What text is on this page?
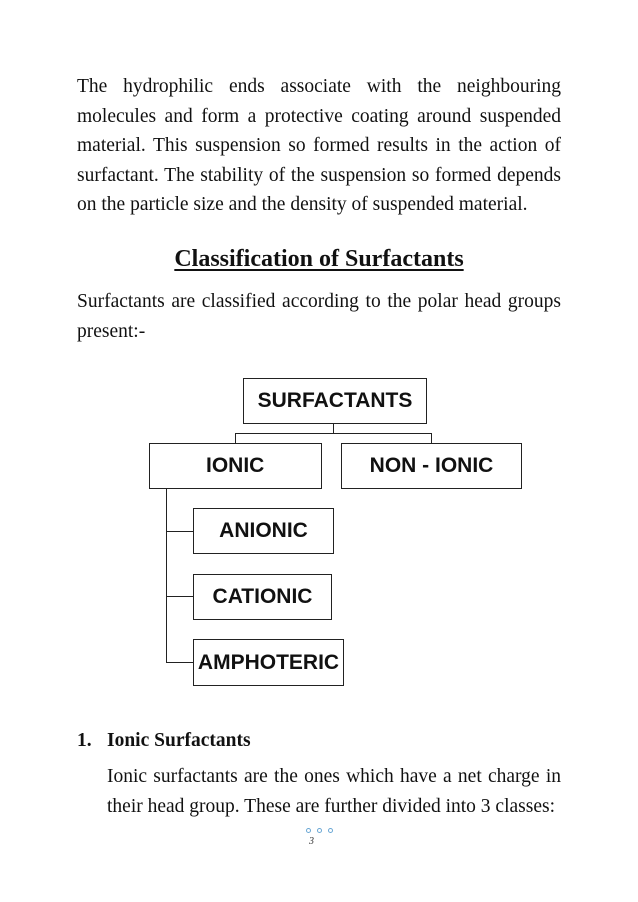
The hydrophilic ends associate with the neighbouring molecules and form a protective coating around suspended material. This suspension so formed results in the action of surfactant. The stability of the suspension so formed depends on the particle size and the density of suspended material.

Classification of Surfactants

Surfactants are classified according to the polar head groups present:-

SURFACTANTS
IONIC	NON - IONIC
ANIONIC
CATIONIC
AMPHOTERIC
1. Ionic Surfactants

Ionic surfactants are the ones which have a net charge in their head group. These are further divided into 3 classes:

3
